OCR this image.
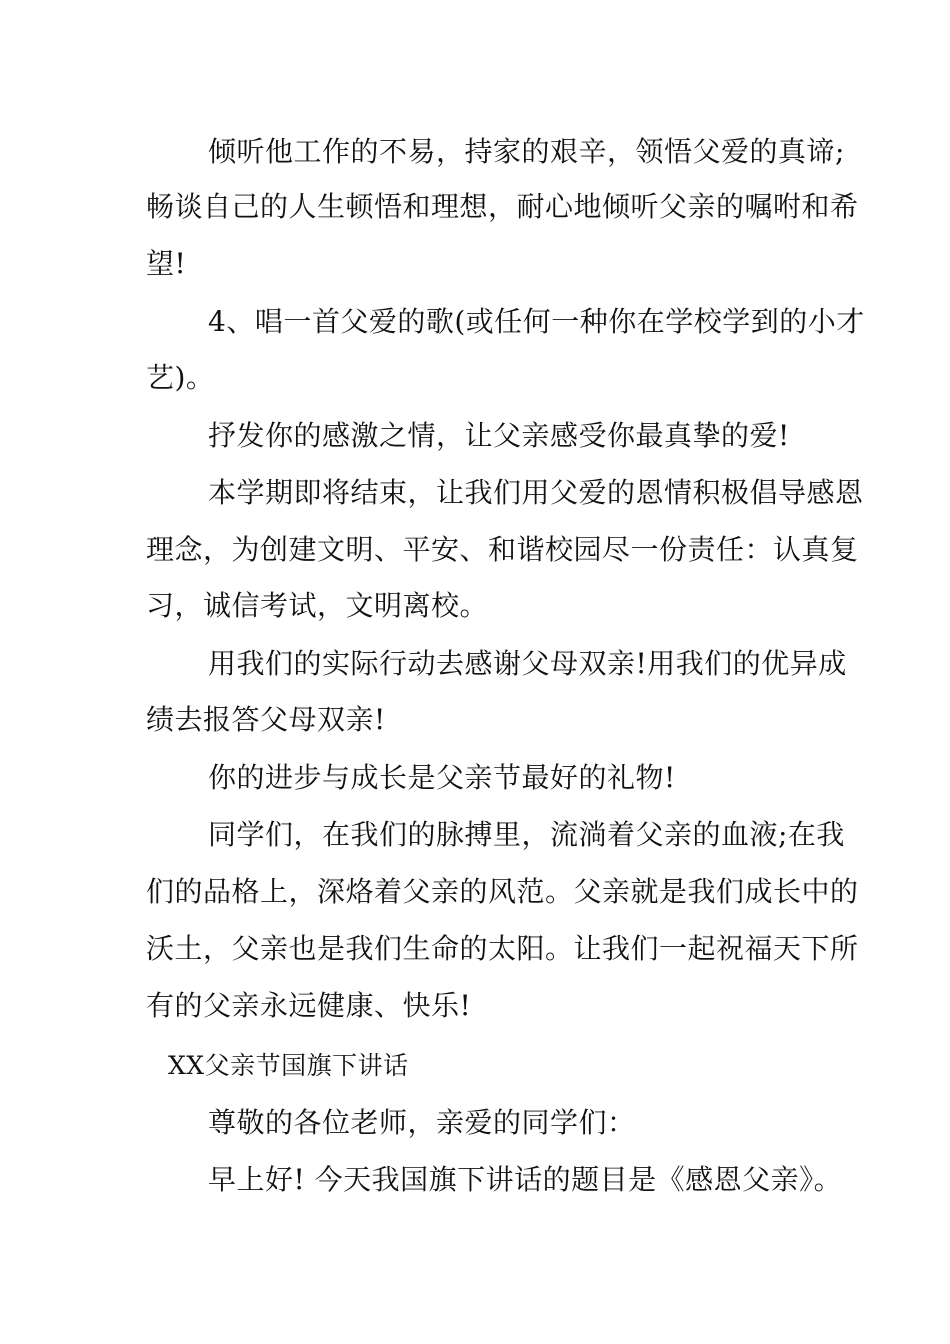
倾听他工作的不易，持家的艰辛，领悟父爱的真谛;
畅谈自己的人生顿悟和理想，耐心地倾听父亲的嘱咐和希
望!
4、唱一首父爱的歌(或任何一种你在学校学到的小才
艺)。
抒发你的感激之情，让父亲感受你最真挚的爱!
本学期即将结束，让我们用父爱的恩情积极倡导感恩
理念，为创建文明、平安、和谐校园尽一份责任：认真复
习，诚信考试，文明离校。
用我们的实际行动去感谢父母双亲!用我们的优异成
绩去报答父母双亲!
你的进步与成长是父亲节最好的礼物!
同学们，在我们的脉搏里，流淌着父亲的血液;在我
们的品格上，深烙着父亲的风范。父亲就是我们成长中的
沃土，父亲也是我们生命的太阳。让我们一起祝福天下所
有的父亲永远健康、快乐!
XX父亲节国旗下讲话
尊敬的各位老师，亲爱的同学们：
早上好! 今天我国旗下讲话的题目是《感恩父亲》。
